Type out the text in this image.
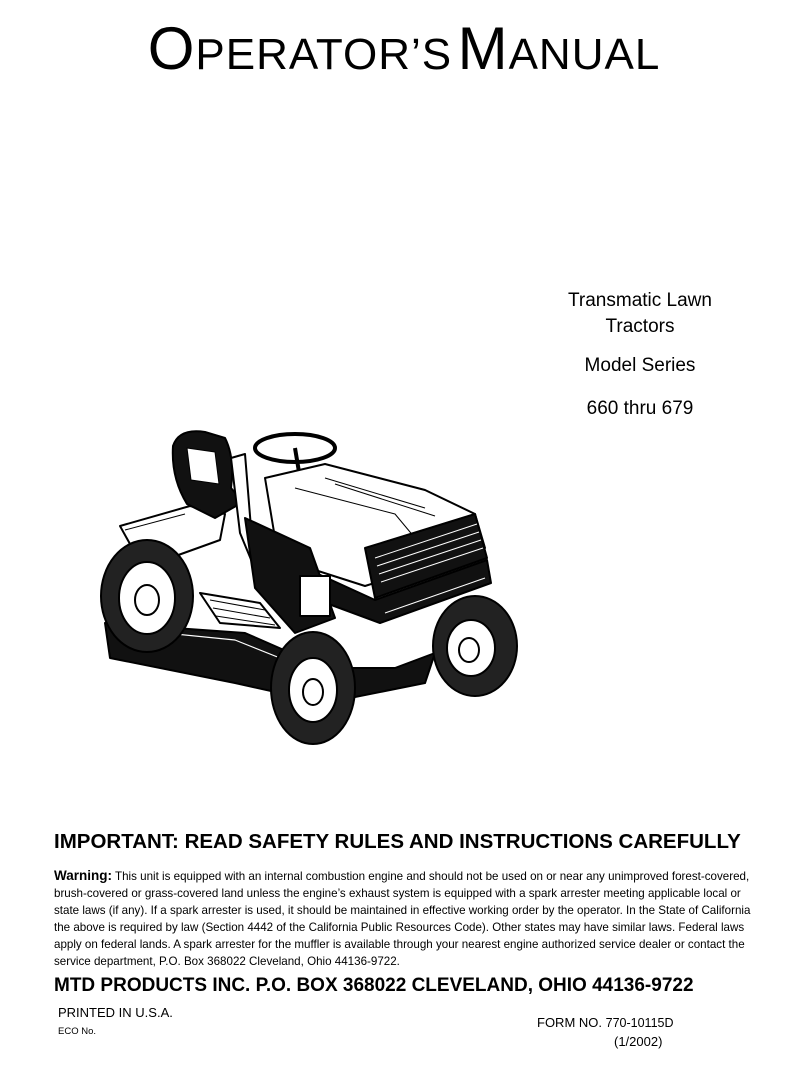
OPERATOR’S MANUAL
Transmatic Lawn
Tractors
Model Series
660 thru 679
IMPORTANT: READ SAFETY RULES AND INSTRUCTIONS CAREFULLY
Warning: This unit is equipped with an internal combustion engine and should not be used on or near any unimproved forest-covered, brush-covered or grass-covered land unless the engine’s exhaust system is equipped with a spark arrester meeting applicable local or state laws (if any). If a spark arrester is used, it should be maintained in effective working order by the operator. In the State of California the above is required by law (Section 4442 of the California Public Resources Code). Other states may have similar laws. Federal laws apply on federal lands. A spark arrester for the muffler is available through your nearest engine authorized service dealer or contact the service department, P.O. Box 368022 Cleveland, Ohio 44136-9722.
MTD PRODUCTS INC. P.O. BOX 368022 CLEVELAND, OHIO 44136-9722
PRINTED IN U.S.A.
ECO No.
FORM NO. 770-10115D
(1/2002)
